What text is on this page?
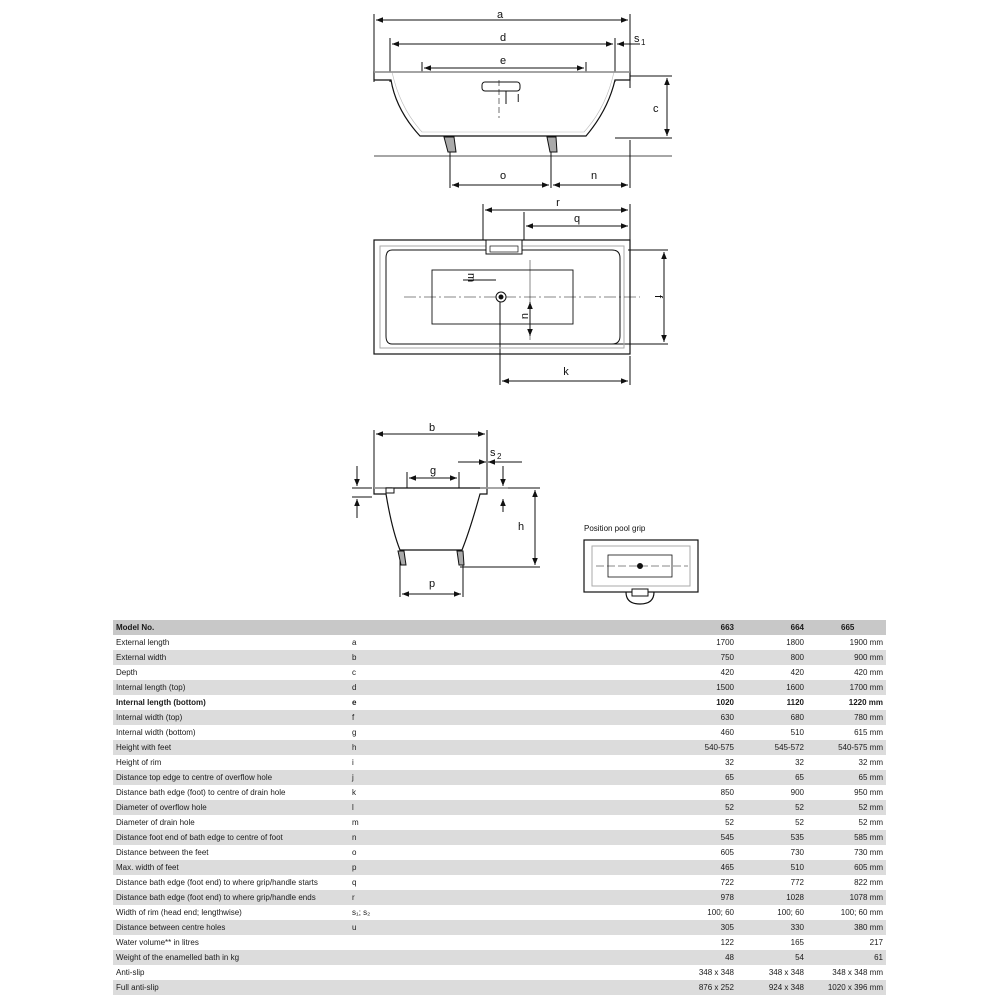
a
d	s 1
e
l
c
o	n
r
q
m
u
f
k
b
g
s 2
h
p
Position pool grip
Model No.		663	664	665
External length	a	1700	1800	1900 mm
External width	b	750	800	900 mm
Depth	c	420	420	420 mm
Internal length (top)	d	1500	1600	1700 mm
Internal length (bottom)	e	1020	1120	1220 mm
Internal width (top)	f	630	680	780 mm
Internal width (bottom)	g	460	510	615 mm
Height with feet	h	540-575	545-572	540-575 mm
Height of rim	i	32	32	32 mm
Distance top edge to centre of overflow hole	j	65	65	65 mm
Distance bath edge (foot) to centre of drain hole	k	850	900	950 mm
Diameter of overflow hole	l	52	52	52 mm
Diameter of drain hole	m	52	52	52 mm
Distance foot end of bath edge to centre of foot	n	545	535	585 mm
Distance between the feet	o	605	730	730 mm
Max. width of feet	p	465	510	605 mm
Distance bath edge (foot end) to where grip/handle starts	q	722	772	822 mm
Distance bath edge (foot end) to where grip/handle ends	r	978	1028	1078 mm
Width of rim (head end; lengthwise)	s₁; s₂	100; 60	100; 60	100; 60 mm
Distance between centre holes	u	305	330	380 mm
Water volume** in litres		122	165	217
Weight of the enamelled bath in kg		48	54	61
Anti-slip		348 x 348	348 x 348	348 x 348 mm
Full anti-slip		876 x 252	924 x 348	1020 x 396 mm
